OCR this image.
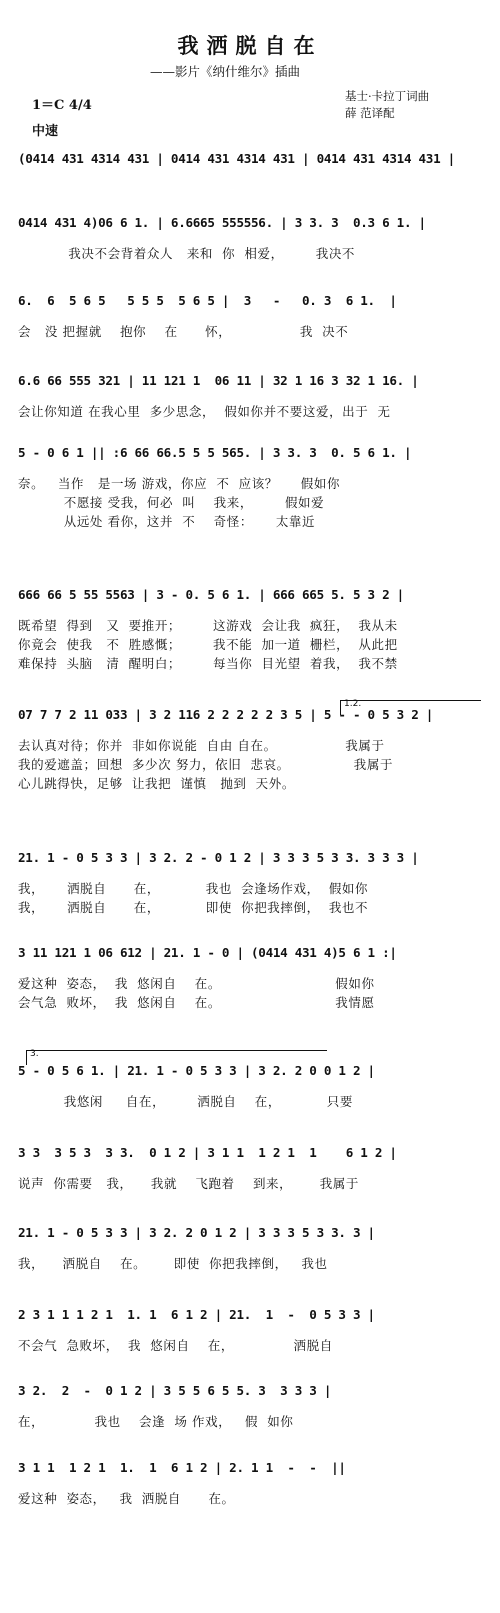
我洒脱自在
——影片《纳什维尔》插曲
基士·卡拉丁词曲
薛 范译配
1＝C 4/4
中速
(0414 431 4314 431 | 0414 431 4314 431 | 0414 431 4314 431 |
0414 431 4)06 6 1. | 6.6665 555556. | 3 3. 3  0.3 6 1. |
我决不会背着众人   来和  你  相爱，       我决不
6.  6  5 6 5   5 5 5  5 6 5 |  3   -   0. 3  6 1.  |
会   没 把握就    抱你    在      怀，               我  决不
6.6 66 555 321 | 11 121 1  06 11 | 32 1 16 3 32 1 16. |
会让你知道 在我心里  多少思念，  假如你并不要这爱，出于  无
5 - 0 6 1 || :6 66 66.5 5 5 565. | 3 3. 3  0. 5 6 1. |
奈。   当作   是一场 游戏，你应  不  应该？     假如你
不愿接 受我，何必  叫    我来，       假如爱
从远处 看你，这并  不    奇怪：     太靠近
666 66 5 55 5563 | 3 - 0. 5 6 1. | 666 665 5. 5 3 2 |
既希望  得到   又  要推开；       这游戏  会让我  疯狂，  我从未
你竟会  使我   不  胜感慨；       我不能  加一道  栅栏，  从此把
难保持  头脑   清  醒明白；       每当你  目光望  着我，  我不禁
07 7 7 2 11 033 | 3 2 116 2 2 2 2 2 3 5 | 5 - - 0 5 3 2 |
去认真对待；你并  非如你说能  自由 自在。               我属于
我的爱遮盖；回想  多少次 努力，依旧  悲哀。              我属于
心儿跳得快，足够  让我把  谨慎   抛到  天外。
21. 1 - 0 5 3 3 | 3 2. 2 - 0 1 2 | 3 3 3 5 3 3. 3 3 3 |
我，     洒脱自      在，          我也  会逢场作戏，  假如你
我，     洒脱自      在，          即使  你把我摔倒，  我也不
3 11 121 1 06 612 | 21. 1 - 0 | (0414 431 4)5 6 1 :|
爱这种  姿态，  我  悠闲自    在。                         假如你
会气急  败坏，  我  悠闲自    在。                         我情愿
5 - 0 5 6 1. | 21. 1 - 0 5 3 3 | 3 2. 2 0 0 1 2 |
我悠闲     自在，       洒脱自    在，          只要
3 3  3 5 3  3 3.  0 1 2 | 3 1 1  1 2 1  1    6 1 2 |
说声  你需要   我，    我就    飞跑着    到来，      我属于
21. 1 - 0 5 3 3 | 3 2. 2 0 1 2 | 3 3 3 5 3 3. 3 |
我，    洒脱自    在。      即使  你把我摔倒，   我也
2 3 1 1 1 2 1  1. 1  6 1 2 | 21.  1  -  0 5 3 3 |
不会气  急败坏，  我  悠闲自    在，             洒脱自
3 2.  2  -  0 1 2 | 3 5 5 6 5 5. 3  3 3 3 |
在，           我也    会逢  场 作戏，   假  如你
3 1 1  1 2 1  1.  1  6 1 2 | 2. 1 1  -  -  ||
爱这种  姿态，   我  洒脱自      在。
1.2.
3.
